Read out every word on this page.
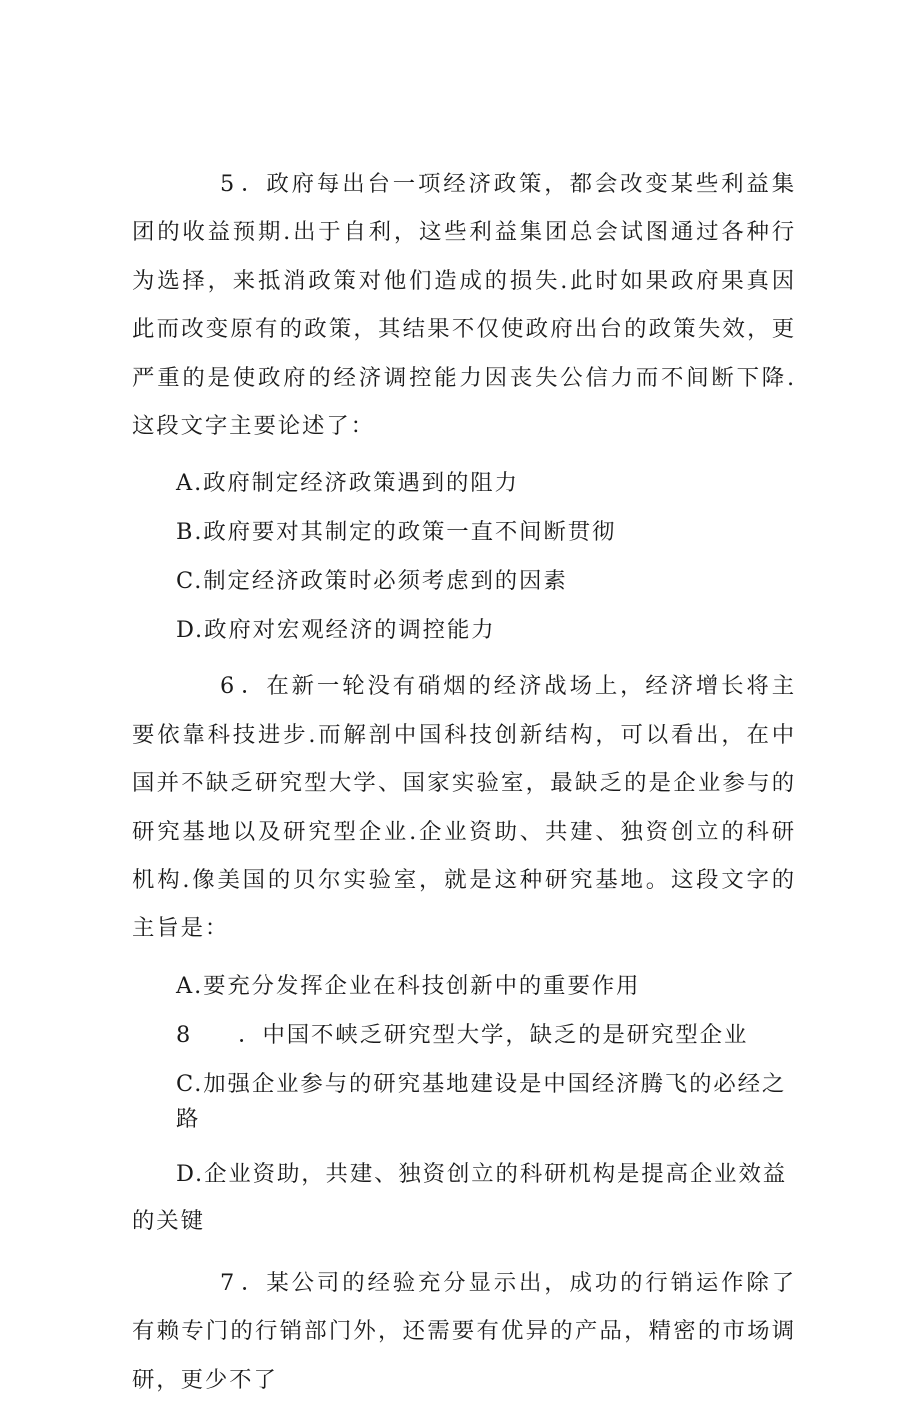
5 ．政府每出台一项经济政策，都会改变某些利益集团的收益预期.出于自利，这些利益集团总会试图通过各种行为选择，来抵消政策对他们造成的损失.此时如果政府果真因此而改变原有的政策，其结果不仅使政府出台的政策失效，更严重的是使政府的经济调控能力因丧失公信力而不间断下降.这段文字主要论述了：

A.政府制定经济政策遇到的阻力

B.政府要对其制定的政策一直不间断贯彻

C.制定经济政策时必须考虑到的因素

D.政府对宏观经济的调控能力

6 ．在新一轮没有硝烟的经济战场上，经济增长将主要依靠科技进步.而解剖中国科技创新结构，可以看出，在中国并不缺乏研究型大学、国家实验室，最缺乏的是企业参与的研究基地以及研究型企业.企业资助、共建、独资创立的科研机构.像美国的贝尔实验室，就是这种研究基地。这段文字的主旨是：

A.要充分发挥企业在科技创新中的重要作用

8 ．中国不峡乏研究型大学，缺乏的是研究型企业

C.加强企业参与的研究基地建设是中国经济腾飞的必经之路

D.企业资助，共建、独资创立的科研机构是提高企业效益的关键

7 ．某公司的经验充分显示出，成功的行销运作除了有赖专门的行销部门外，还需要有优异的产品，精密的市场调研，更少不了
